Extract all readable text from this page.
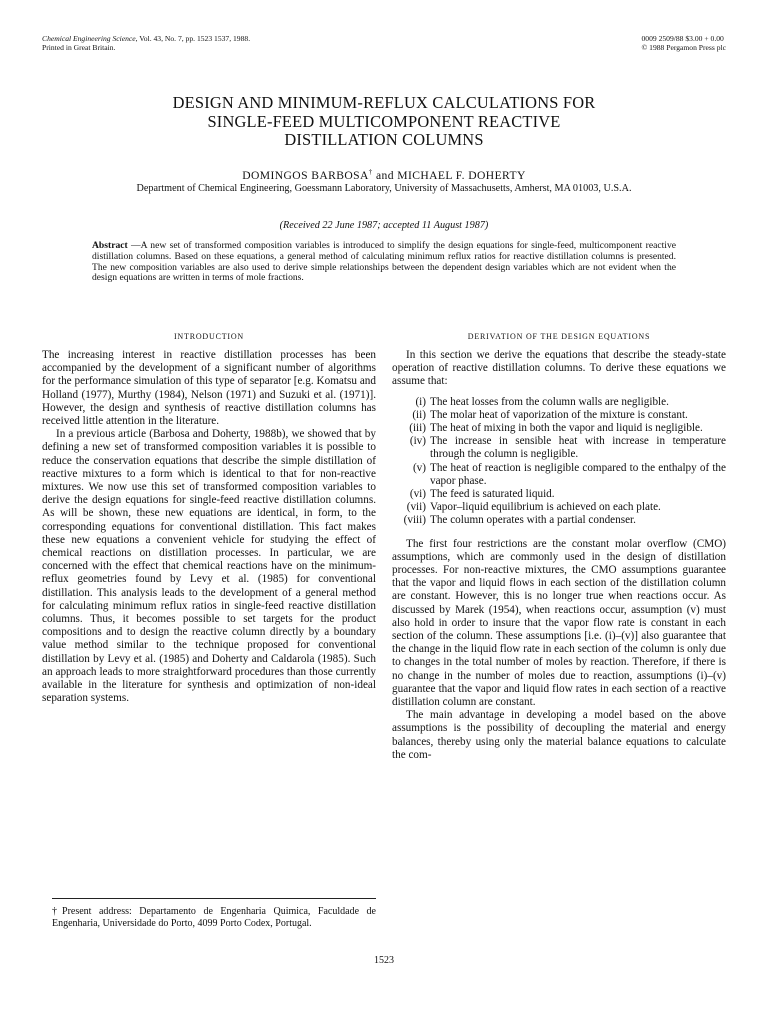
Chemical Engineering Science, Vol. 43, No. 7, pp. 1523 1537, 1988.
Printed in Great Britain.
0009 2509/88 $3.00 + 0.00
© 1988 Pergamon Press plc
DESIGN AND MINIMUM-REFLUX CALCULATIONS FOR
SINGLE-FEED MULTICOMPONENT REACTIVE
DISTILLATION COLUMNS
DOMINGOS BARBOSA† and MICHAEL F. DOHERTY
Department of Chemical Engineering, Goessmann Laboratory, University of Massachusetts, Amherst, MA 01003, U.S.A.
(Received 22 June 1987; accepted 11 August 1987)
Abstract —A new set of transformed composition variables is introduced to simplify the design equations for single-feed, multicomponent reactive distillation columns. Based on these equations, a general method of calculating minimum reflux ratios for reactive distillation columns is presented. The new composition variables are also used to derive simple relationships between the dependent design variables which are not evident when the design equations are written in terms of mole fractions.
INTRODUCTION

The increasing interest in reactive distillation processes has been accompanied by the development of a significant number of algorithms for the performance simulation of this type of separator [e.g. Komatsu and Holland (1977), Murthy (1984), Nelson (1971) and Suzuki et al. (1971)]. However, the design and synthesis of reactive distillation columns has received little attention in the literature.

In a previous article (Barbosa and Doherty, 1988b), we showed that by defining a new set of transformed composition variables it is possible to reduce the conservation equations that describe the simple distillation of reactive mixtures to a form which is identical to that for non-reactive mixtures. We now use this set of transformed composition variables to derive the design equations for single-feed reactive distillation columns. As will be shown, these new equations are identical, in form, to the corresponding equations for conventional distillation. This fact makes these new equations a convenient vehicle for studying the effect of chemical reactions on distillation processes. In particular, we are concerned with the effect that chemical reactions have on the minimum-reflux geometries found by Levy et al. (1985) for conventional distillation. This analysis leads to the development of a general method for calculating minimum reflux ratios in single-feed reactive distillation columns. Thus, it becomes possible to set targets for the product compositions and to design the reactive column directly by a boundary value method similar to the technique proposed for conventional distillation by Levy et al. (1985) and Doherty and Caldarola (1985). Such an approach leads to more straightforward procedures than those currently available in the literature for synthesis and optimization of non-ideal separation systems.

DERIVATION OF THE DESIGN EQUATIONS

In this section we derive the equations that describe the steady-state operation of reactive distillation columns. To derive these equations we assume that:

(i) The heat losses from the column walls are negligible.
(ii) The molar heat of vaporization of the mixture is constant.
(iii) The heat of mixing in both the vapor and liquid is negligible.
(iv) The increase in sensible heat with increase in temperature through the column is negligible.
(v) The heat of reaction is negligible compared to the enthalpy of the vapor phase.
(vi) The feed is saturated liquid.
(vii) Vapor–liquid equilibrium is achieved on each plate.
(viii) The column operates with a partial condenser.

The first four restrictions are the constant molar overflow (CMO) assumptions, which are commonly used in the design of distillation processes. For non-reactive mixtures, the CMO assumptions guarantee that the vapor and liquid flows in each section of the distillation column are constant. However, this is no longer true when reactions occur. As discussed by Marek (1954), when reactions occur, assumption (v) must also hold in order to insure that the vapor flow rate is constant in each section of the column. These assumptions [i.e. (i)–(v)] also guarantee that the change in the liquid flow rate in each section of the column is only due to changes in the total number of moles by reaction. Therefore, if there is no change in the number of moles due to reaction, assumptions (i)–(v) guarantee that the vapor and liquid flow rates in each section of a reactive distillation column are constant.

The main advantage in developing a model based on the above assumptions is the possibility of decoupling the material and energy balances, thereby using only the material balance equations to calculate the com-

†Present address: Departamento de Engenharia Quimica, Faculdade de Engenharia, Universidade do Porto, 4099 Porto Codex, Portugal.
1523
